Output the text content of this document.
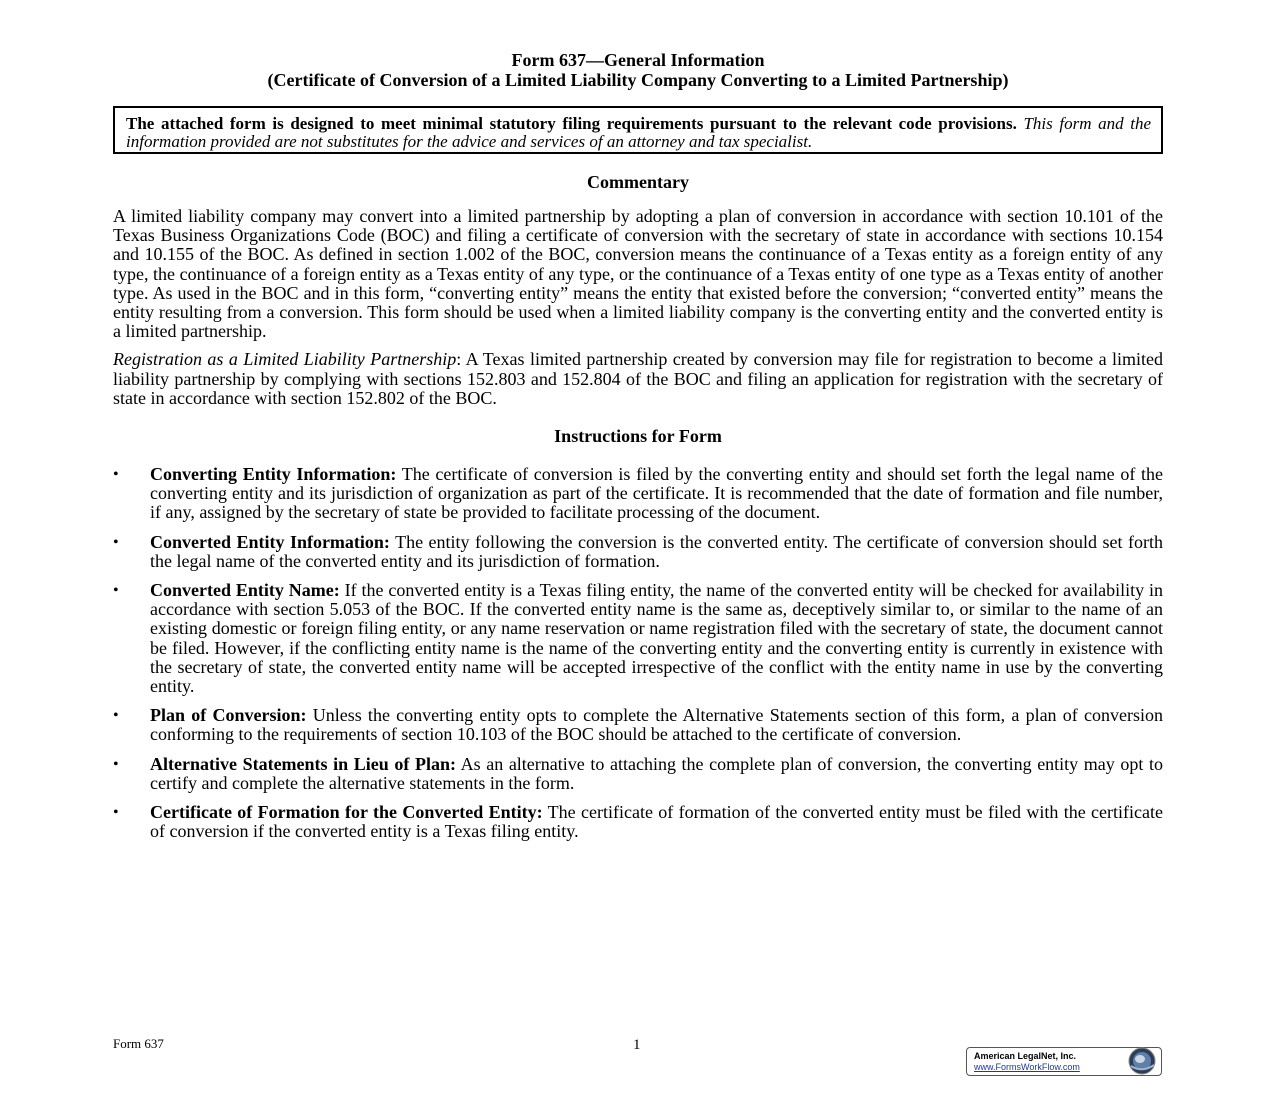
Form 637—General Information
(Certificate of Conversion of a Limited Liability Company Converting to a Limited Partnership)
The attached form is designed to meet minimal statutory filing requirements pursuant to the relevant code provisions. This form and the information provided are not substitutes for the advice and services of an attorney and tax specialist.
Commentary

A limited liability company may convert into a limited partnership by adopting a plan of conversion in accordance with section 10.101 of the Texas Business Organizations Code (BOC) and filing a certificate of conversion with the secretary of state in accordance with sections 10.154 and 10.155 of the BOC. As defined in section 1.002 of the BOC, conversion means the continuance of a Texas entity as a foreign entity of any type, the continuance of a foreign entity as a Texas entity of any type, or the continuance of a Texas entity of one type as a Texas entity of another type. As used in the BOC and in this form, “converting entity” means the entity that existed before the conversion; “converted entity” means the entity resulting from a conversion. This form should be used when a limited liability company is the converting entity and the converted entity is a limited partnership.

Registration as a Limited Liability Partnership: A Texas limited partnership created by conversion may file for registration to become a limited liability partnership by complying with sections 152.803 and 152.804 of the BOC and filing an application for registration with the secretary of state in accordance with section 152.802 of the BOC.

Instructions for Form
• Converting Entity Information: The certificate of conversion is filed by the converting entity and should set forth the legal name of the converting entity and its jurisdiction of organization as part of the certificate. It is recommended that the date of formation and file number, if any, assigned by the secretary of state be provided to facilitate processing of the document.
• Converted Entity Information: The entity following the conversion is the converted entity. The certificate of conversion should set forth the legal name of the converted entity and its jurisdiction of formation.
• Converted Entity Name: If the converted entity is a Texas filing entity, the name of the converted entity will be checked for availability in accordance with section 5.053 of the BOC. If the converted entity name is the same as, deceptively similar to, or similar to the name of an existing domestic or foreign filing entity, or any name reservation or name registration filed with the secretary of state, the document cannot be filed. However, if the conflicting entity name is the name of the converting entity and the converting entity is currently in existence with the secretary of state, the converted entity name will be accepted irrespective of the conflict with the entity name in use by the converting entity.
• Plan of Conversion: Unless the converting entity opts to complete the Alternative Statements section of this form, a plan of conversion conforming to the requirements of section 10.103 of the BOC should be attached to the certificate of conversion.
• Alternative Statements in Lieu of Plan: As an alternative to attaching the complete plan of conversion, the converting entity may opt to certify and complete the alternative statements in the form.
• Certificate of Formation for the Converted Entity: The certificate of formation of the converted entity must be filed with the certificate of conversion if the converted entity is a Texas filing entity.
Form 637	1
American LegalNet, Inc.
www.FormsWorkFlow.com
